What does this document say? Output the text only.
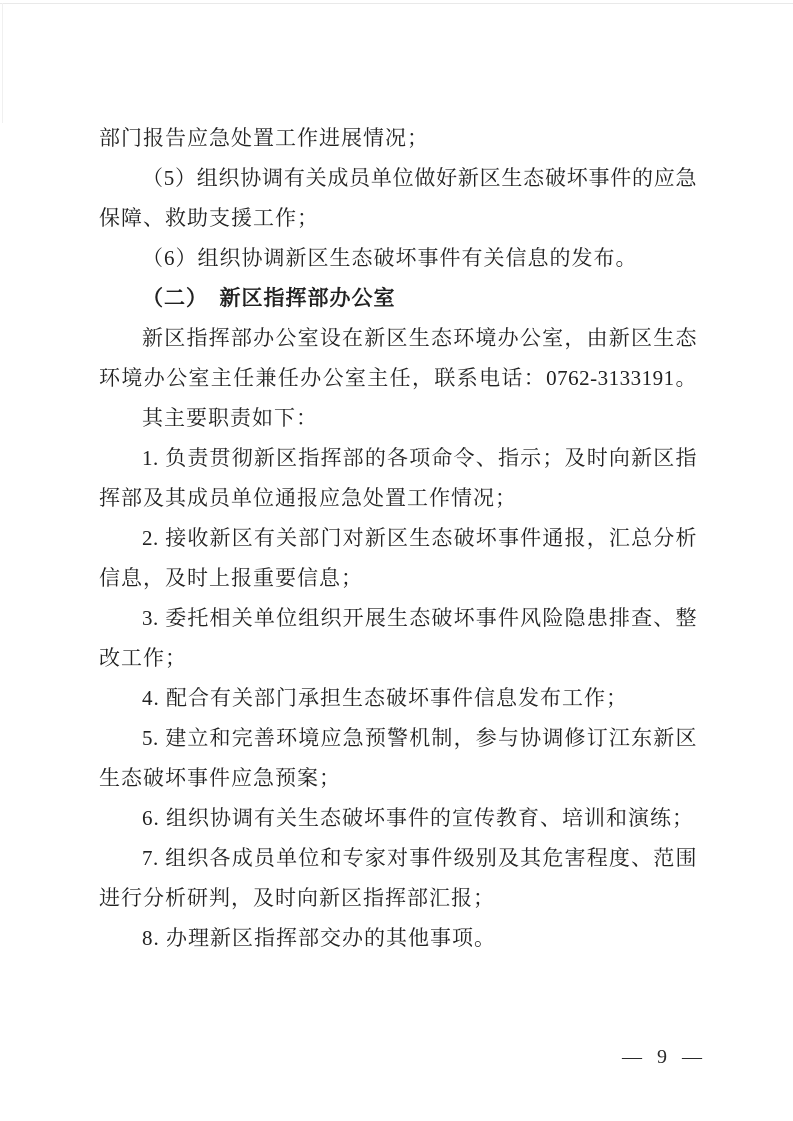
部门报告应急处置工作进展情况；
（5）组织协调有关成员单位做好新区生态破坏事件的应急
保障、救助支援工作；
（6）组织协调新区生态破坏事件有关信息的发布。
（二）　新区指挥部办公室
新区指挥部办公室设在新区生态环境办公室，由新区生态
环境办公室主任兼任办公室主任，联系电话：0762-3133191。
其主要职责如下：
1. 负责贯彻新区指挥部的各项命令、指示；及时向新区指
挥部及其成员单位通报应急处置工作情况；
2. 接收新区有关部门对新区生态破坏事件通报，汇总分析
信息，及时上报重要信息；
3. 委托相关单位组织开展生态破坏事件风险隐患排查、整
改工作；
4. 配合有关部门承担生态破坏事件信息发布工作；
5. 建立和完善环境应急预警机制，参与协调修订江东新区
生态破坏事件应急预案；
6. 组织协调有关生态破坏事件的宣传教育、培训和演练；
7. 组织各成员单位和专家对事件级别及其危害程度、范围
进行分析研判，及时向新区指挥部汇报；
8. 办理新区指挥部交办的其他事项。
— 9 —
